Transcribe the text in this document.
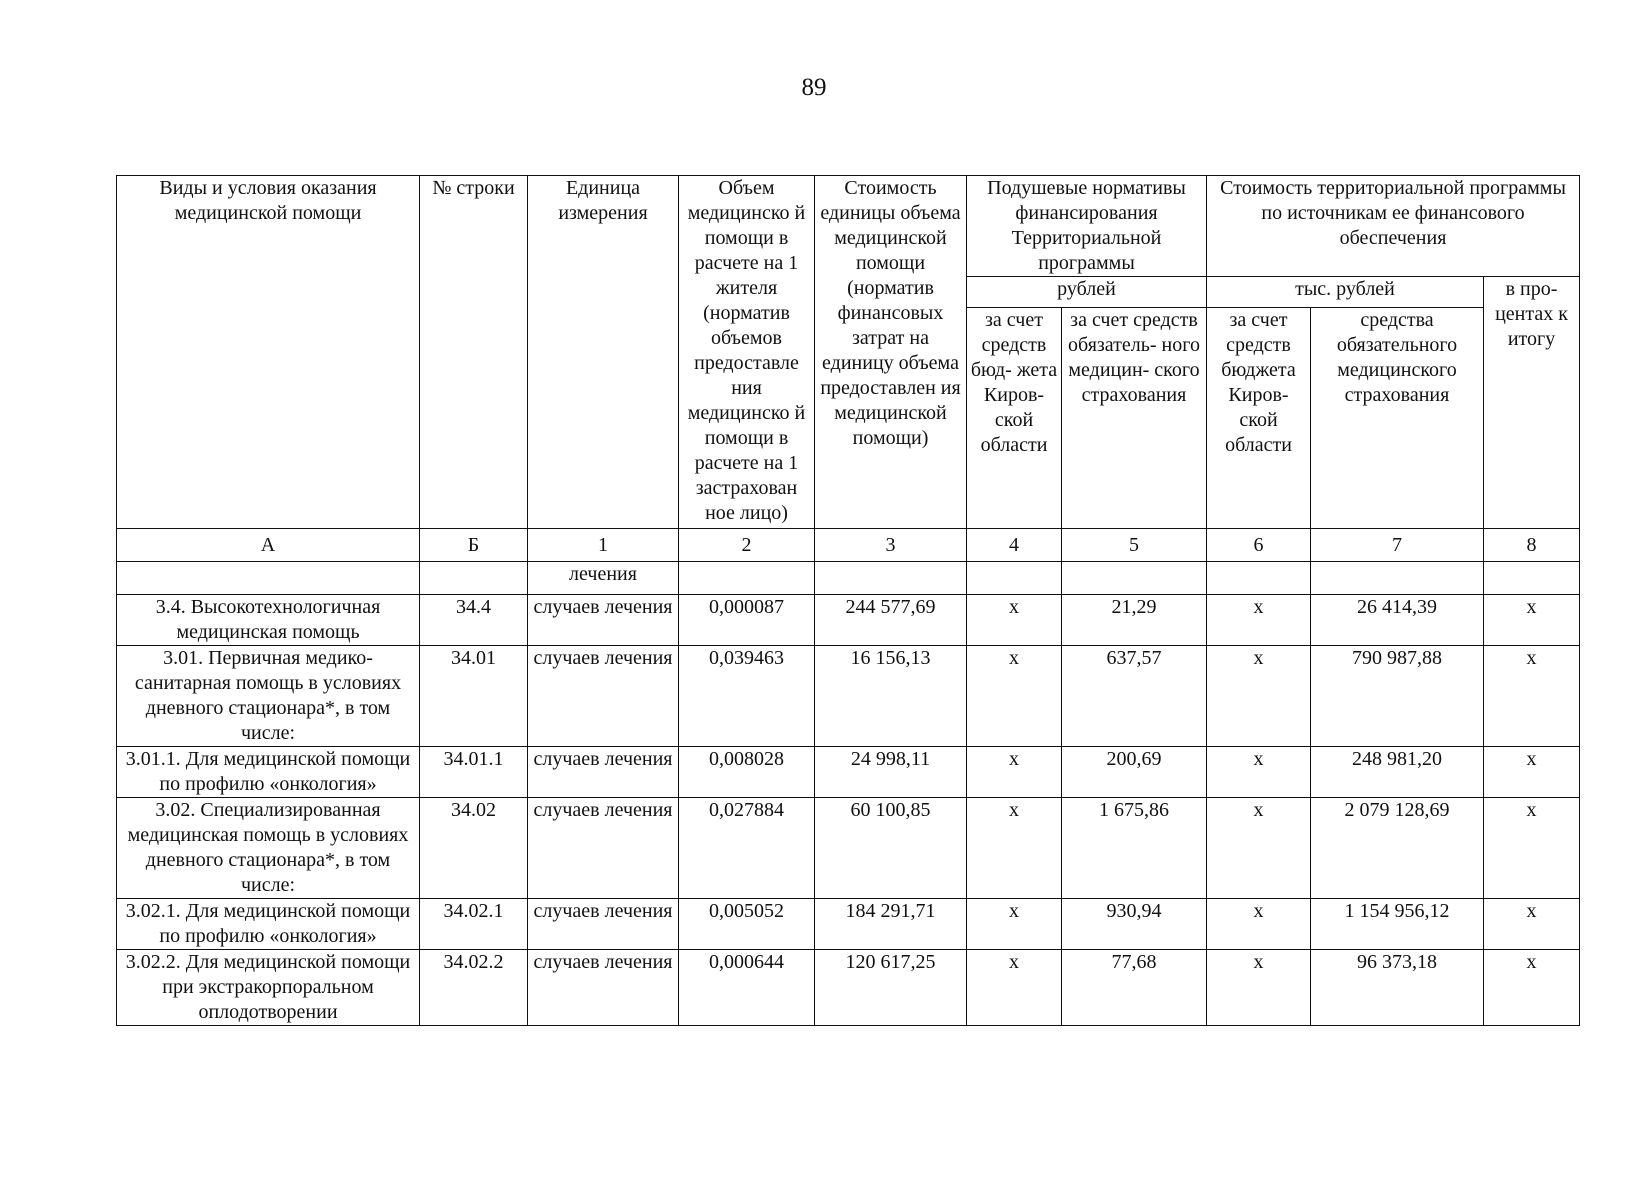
89
Виды и условия оказания медицинской помощи	№ строки	Единица измерения	Объем медицинско й помощи в расчете на 1 жителя (норматив объемов предоставле ния медицинско й помощи в расчете на 1 застрахован ное лицо)	Стоимость единицы объема медицинской помощи (норматив финансовых затрат на единицу объема предоставлен ия медицинской помощи)	Подушевые нормативы финансирования Территориальной программы		Стоимость территориальной программы по источникам ее финансового обеспечения		
					рублей		тыс. рублей		в про- центах к итогу
					за счет средств бюд- жета Киров- ской области	за счет средств обязатель- ного медицин- ского страхования	за счет средств бюджета Киров- ской области	средства обязательного медицинского страхования	
А	Б	1	2	3	4	5	6	7	8
		лечения							
3.4. Высокотехнологичная медицинская помощь	34.4	случаев лечения	0,000087	244 577,69	х	21,29	х	26 414,39	х
3.01. Первичная медико-санитарная помощь в условиях дневного стационара*, в том числе:	34.01	случаев лечения	0,039463	16 156,13	х	637,57	х	790 987,88	х
3.01.1. Для медицинской помощи по профилю «онкология»	34.01.1	случаев лечения	0,008028	24 998,11	х	200,69	х	248 981,20	х
3.02. Специализированная медицинская помощь в условиях дневного стационара*, в том числе:	34.02	случаев лечения	0,027884	60 100,85	х	1 675,86	х	2 079 128,69	х
3.02.1. Для медицинской помощи по профилю «онкология»	34.02.1	случаев лечения	0,005052	184 291,71	х	930,94	х	1 154 956,12	х
3.02.2. Для медицинской помощи при экстракорпоральном оплодотворении	34.02.2	случаев лечения	0,000644	120 617,25	х	77,68	х	96 373,18	х
